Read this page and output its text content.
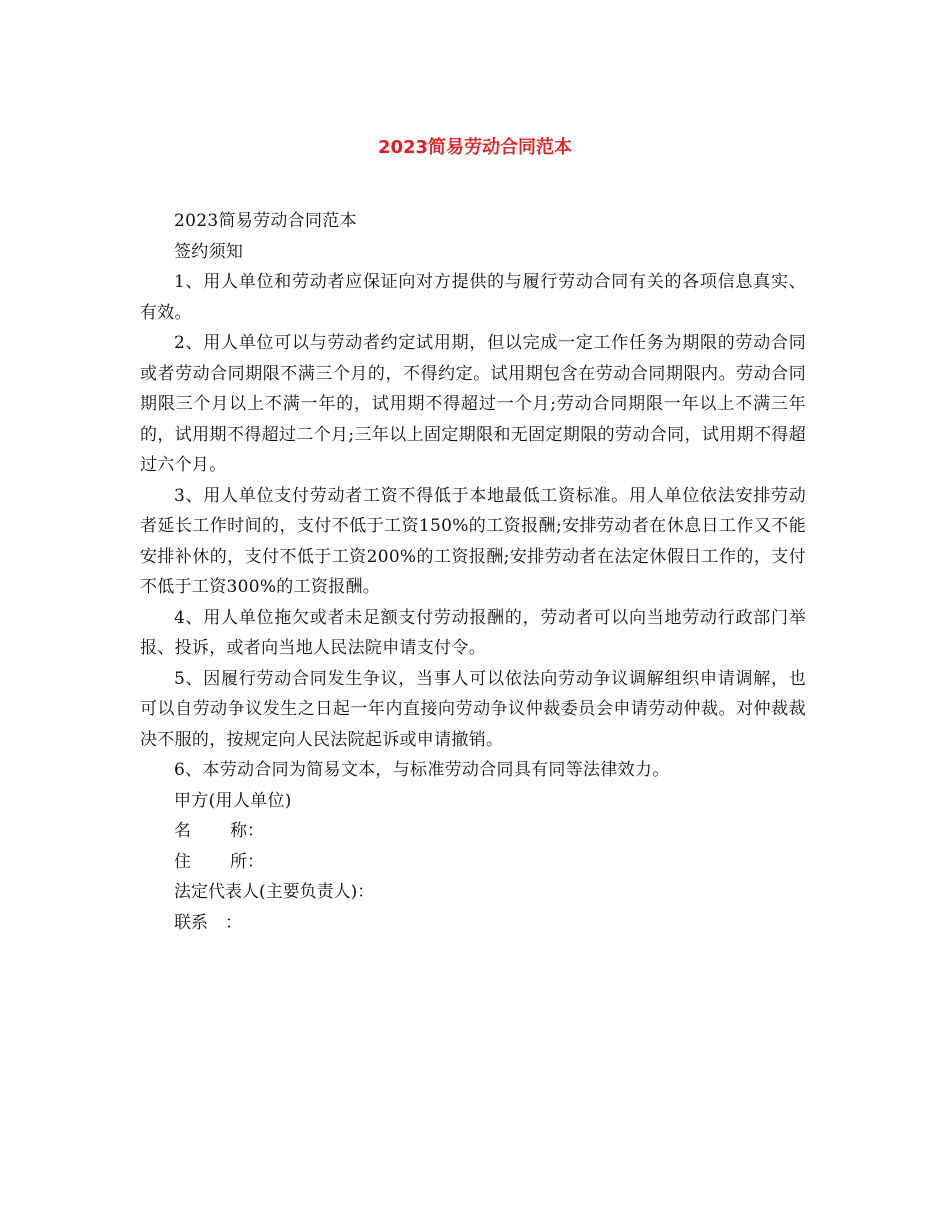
2023简易劳动合同范本

2023简易劳动合同范本

签约须知

1、用人单位和劳动者应保证向对方提供的与履行劳动合同有关的各项信息真实、有效。

2、用人单位可以与劳动者约定试用期，但以完成一定工作任务为期限的劳动合同或者劳动合同期限不满三个月的，不得约定。试用期包含在劳动合同期限内。劳动合同期限三个月以上不满一年的，试用期不得超过一个月;劳动合同期限一年以上不满三年的，试用期不得超过二个月;三年以上固定期限和无固定期限的劳动合同，试用期不得超过六个月。

3、用人单位支付劳动者工资不得低于本地最低工资标准。用人单位依法安排劳动者延长工作时间的，支付不低于工资150%的工资报酬;安排劳动者在休息日工作又不能安排补休的，支付不低于工资200%的工资报酬;安排劳动者在法定休假日工作的，支付不低于工资300%的工资报酬。

4、用人单位拖欠或者未足额支付劳动报酬的，劳动者可以向当地劳动行政部门举报、投诉，或者向当地人民法院申请支付令。

5、因履行劳动合同发生争议，当事人可以依法向劳动争议调解组织申请调解，也可以自劳动争议发生之日起一年内直接向劳动争议仲裁委员会申请劳动仲裁。对仲裁裁决不服的，按规定向人民法院起诉或申请撤销。

6、本劳动合同为简易文本，与标准劳动合同具有同等法律效力。

甲方(用人单位)

名 称：
住 所：
法定代表人(主要负责人)：
联系　：
